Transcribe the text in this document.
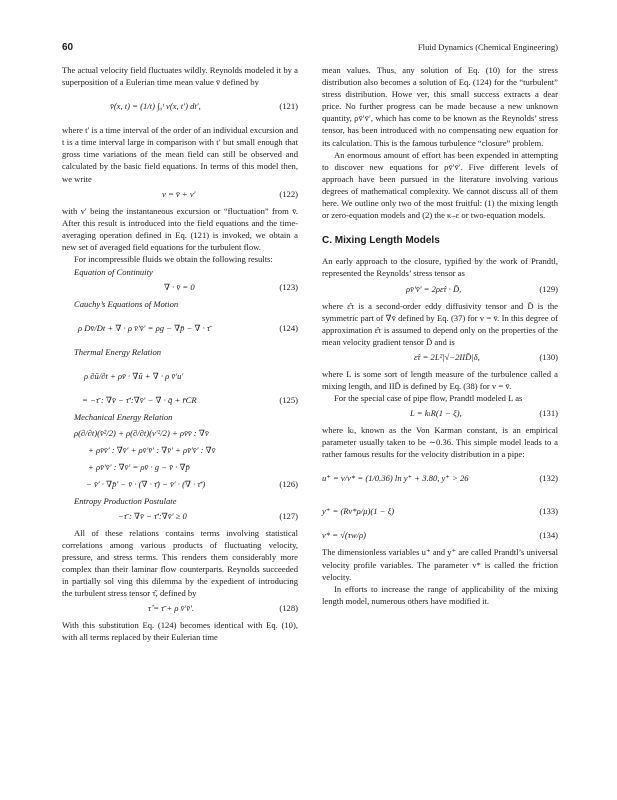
60	Fluid Dynamics (Chemical Engineering)

The actual velocity field fluctuates wildly. Reynolds modeled it by a superposition of a Eulerian time mean value v̄ defined by

v̄(x, t) = (1/t) ∫₀ᵗ v(x, t′) dt′,	(121)

where t′ is a time interval of the order of an individual excursion and t is a time interval large in comparison with t′ but small enough that gross time variations of the mean field can still be observed and calculated by the basic field equations. In terms of this model then, we write

v = v̄ + v′	(122)

with v′ being the instantaneous excursion or “fluctuation” from v̄. After this result is introduced into the field equations and the time-averaging operation defined in Eq. (121) is invoked, we obtain a new set of averaged field equations for the turbulent flow.

For incompressible fluids we obtain the following results:

Equation of Continuity

∇ · v̄ = 0	(123)

Cauchy’s Equations of Motion

ρ Dv̄/Dt + ∇ · ρ v̄′v̄′ = ρg − ∇p̄ − ∇ · τ̄	(124)

Thermal Energy Relation

ρ ∂ū/∂t + ρv̄ · ∇ū + ∇ · ρ v̄′u′
= −τ̄ : ∇v̄ − τ̄′:∇v̄′ − ∇ · q̄ + r̄CR	(125)

Mechanical Energy Relation

ρ(∂/∂t)(v̄²/2) + ρ(∂/∂t)(v′²/2) + ρv̄v̄ : ∇v̄
+ ρv̄v̄′ : ∇v̄′ + ρv̄′v̄′ : ∇v̄′ + ρv̄′v̄′ : ∇v̄
+ ρv̄′v̄′ : ∇v̄′ = ρv̄ · g − v̄ · ∇p̄
− v̄′ · ∇p̄′ − v̄ · (∇ · τ̄) − v̄′ · (∇ · τ̄′)	(126)

Entropy Production Postulate

−τ̄ : ∇v̄ − τ̄′:∇v̄′ ≥ 0	(127)

All of these relations contains terms involving statistical correlations among various products of fluctuating velocity, pressure, and stress terms. This renders them considerably more complex than their laminar flow counterparts. Reynolds succeeded in partially sol ving this dilemma by the expedient of introducing the turbulent stress tensor τ̂, defined by

τ̂ = τ̄ + ρ v̄′v̄′.	(128)

With this substitution Eq. (124) becomes identical with Eq. (10), with all terms replaced by their Eulerian time

mean values. Thus, any solution of Eq. (10) for the stress distribution also becomes a solution of Eq. (124) for the “turbulent” stress distribution. Howe ver, this small success extracts a dear price. No further progress can be made because a new unknown quantity, ρv̄′v̄′, which has come to be known as the Reynolds’ stress tensor, has been introduced with no compensating new equation for its calculation. This is the famous turbulence “closure” problem.

An enormous amount of effort has been expended in attempting to discover new equations for ρv̄′v̄′. Five different levels of approach have been pursued in the literature involving various degrees of mathematical complexity. We cannot discuss all of them here. We outline only two of the most fruitful: (1) the mixing length or zero-equation models and (2) the κ–ε or two-equation models.

C. Mixing Length Models

An early approach to the closure, typified by the work of Prandtl, represented the Reynolds’ stress tensor as

ρv̄′v̄′ = 2ρε̂τ · D̄,	(129)

where ε̂τ is a second-order eddy diffusivity tensor and D̄ is the symmetric part of ∇v̄ defined by Eq. (37) for v = v̄. In this degree of approximation ε̂τ is assumed to depend only on the properties of the mean velocity gradient tensor D̄ and is

ε̂τ = 2L²|√−2IID̄|δ,	(130)

where L is some sort of length measure of the turbulence called a mixing length, and IID̄ is defined by Eq. (38) for v = v̄.

For the special case of pipe flow, Prandtl modeled L as

L = kₗR(1 − ξ),	(131)

where kₗ, known as the Von Karman constant, is an empirical parameter usually taken to be ∼0.36. This simple model leads to a rather famous results for the velocity distribution in a pipe:

u⁺ = v/v* = (1/0.36) ln y⁺ + 3.80, y⁺ > 26	(132)
y⁺ = (Rv*ρ/μ)(1 − ξ)	(133)
v* = √(τw/ρ)	(134)

The dimensionless variables u⁺ and y⁺ are called Prandtl’s universal velocity profile variables. The parameter v* is called the friction velocity.

In efforts to increase the range of applicability of the mixing length model, numerous others have modified it.
